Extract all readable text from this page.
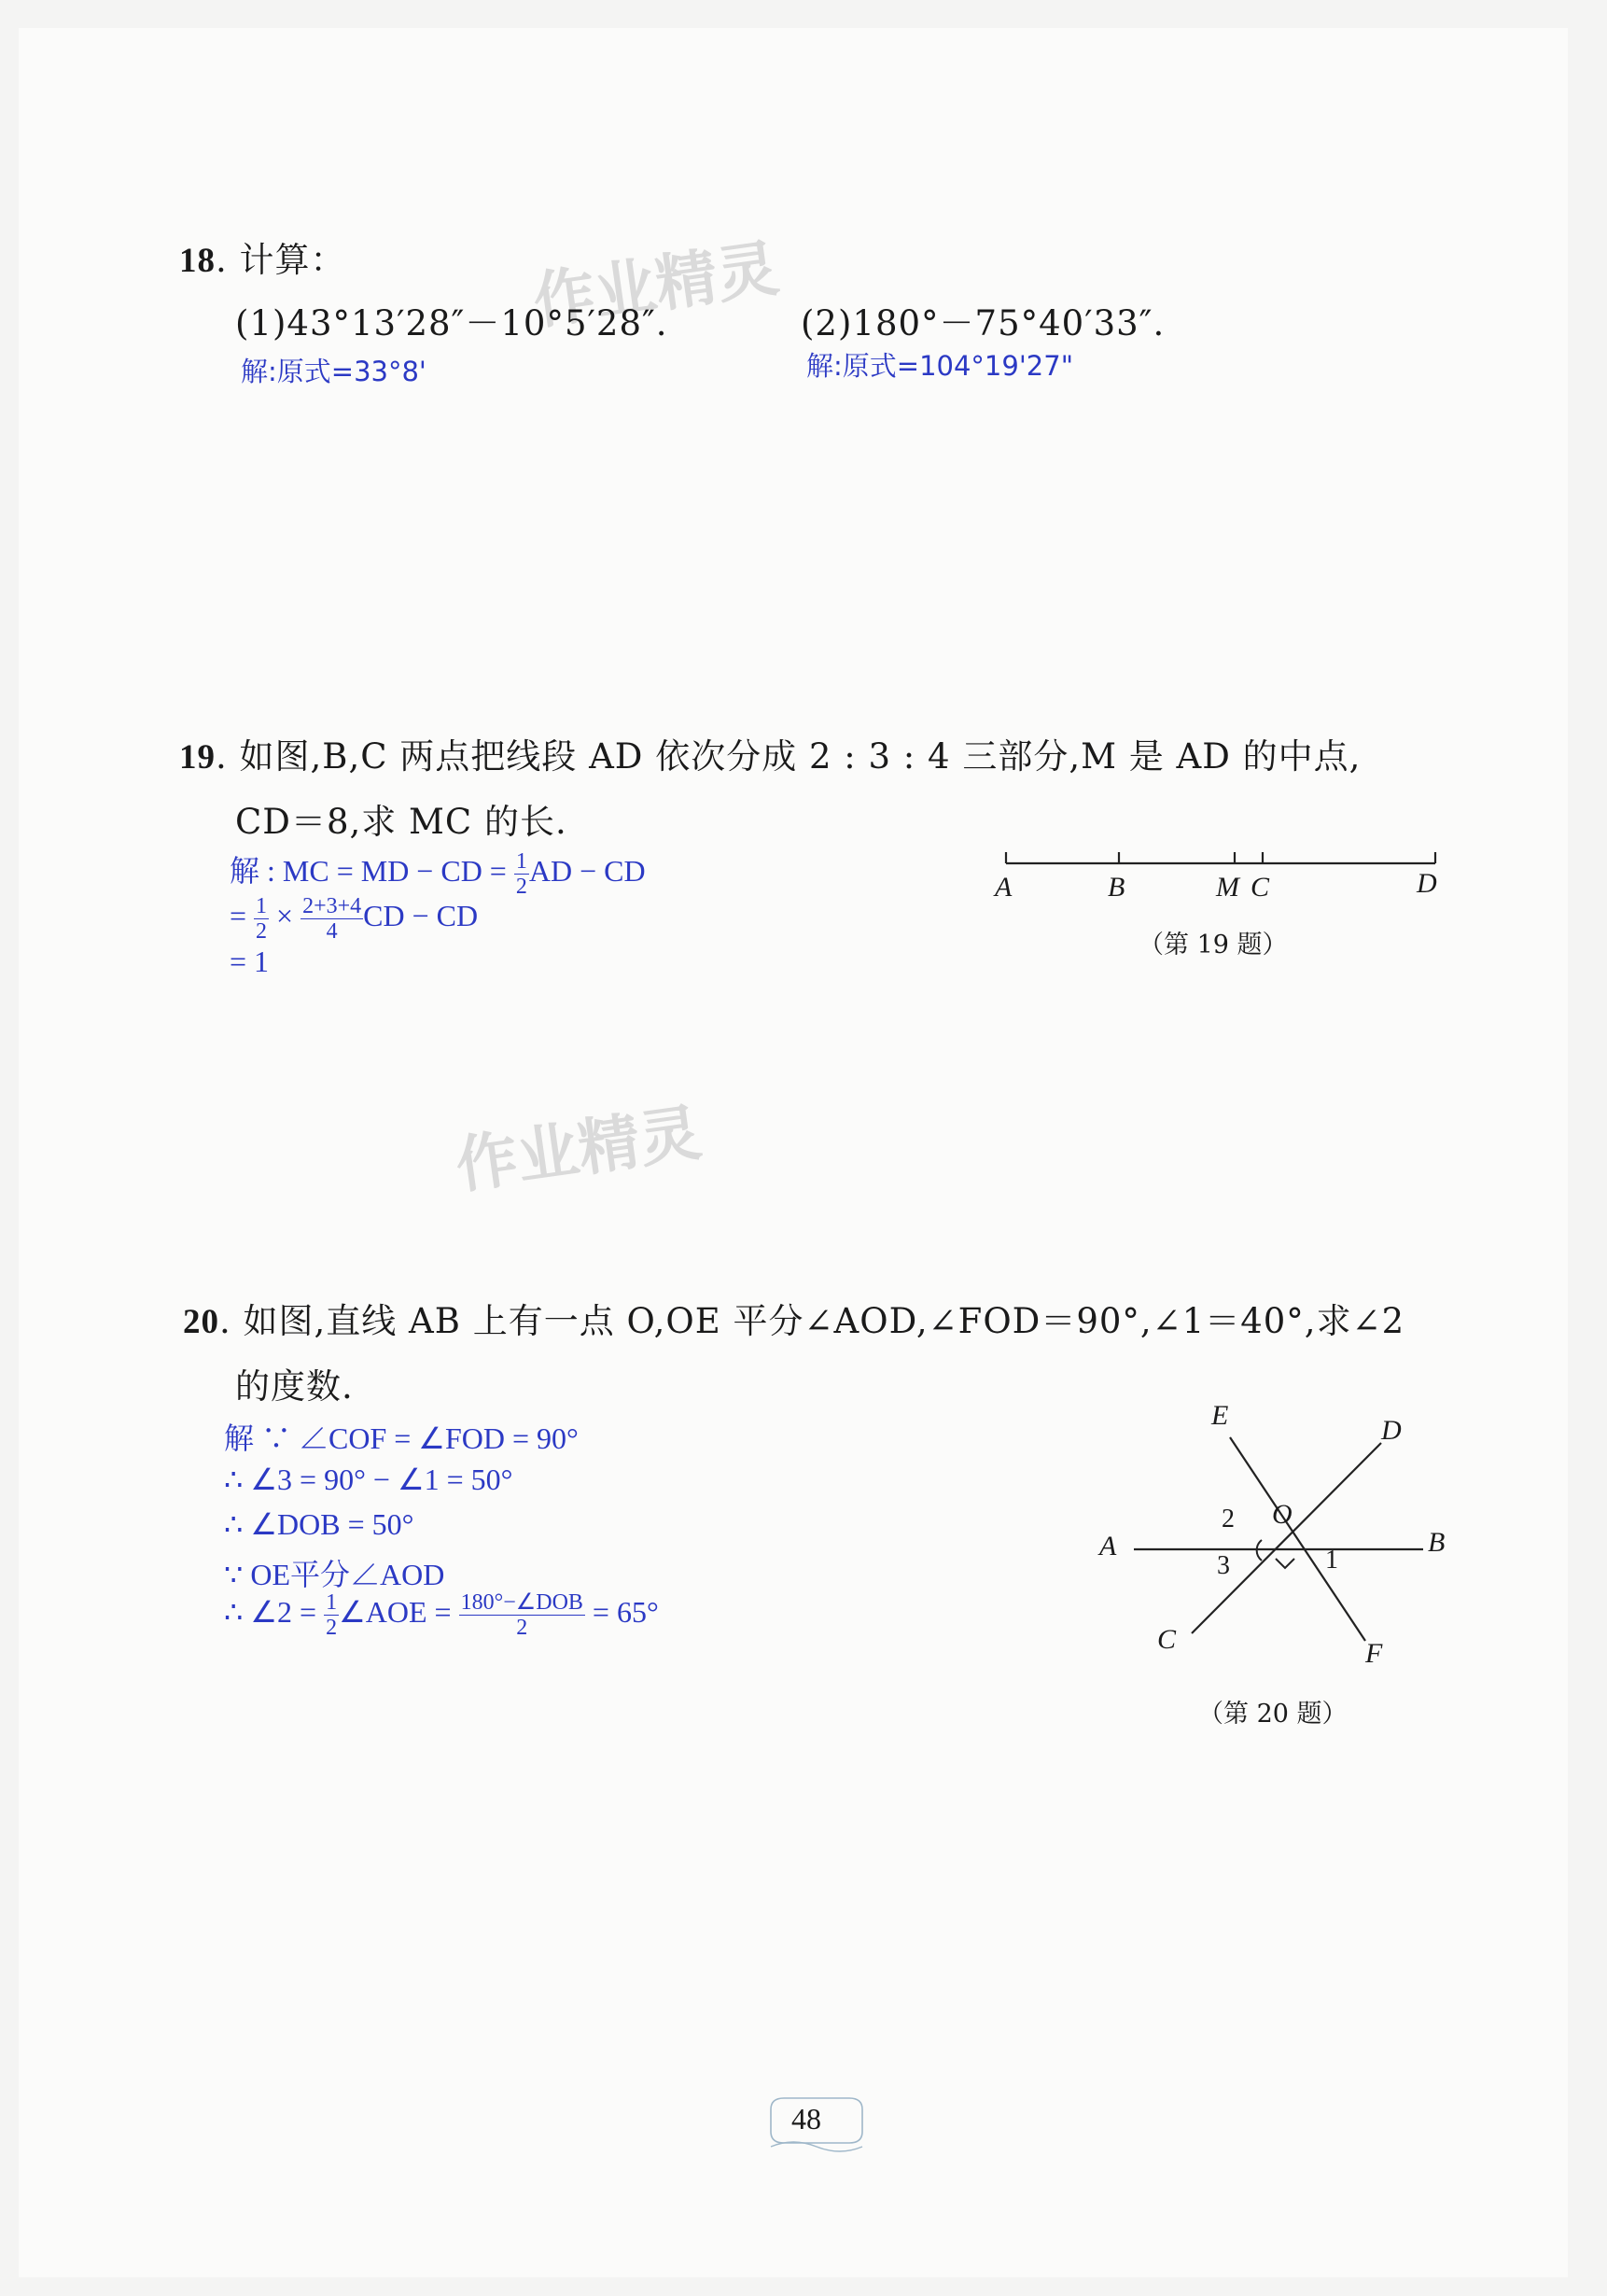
作业精灵
作业精灵
18. 计算：
(1)43°13′28″－10°5′28″.	(2)180°－75°40′33″.
解:原式=33°8'	解:原式=104°19'27"
19. 如图,B,C 两点把线段 AD 依次分成 2 : 3 : 4 三部分,M 是 AD 的中点,
CD＝8,求 MC 的长.
解 : MC = MD − CD = $\frac{1}{2}$ AD − CD
= $\frac{1}{2} \times \frac{2+3+4}{4}$ CD − CD
= 1
A	B	M C	D
（第 19 题）
20. 如图,直线 AB 上有一点 O,OE 平分∠AOD,∠FOD＝90°,∠1＝40°,求∠2
的度数.
解 ∵ ∠COF = ∠FOD = 90°
∴ ∠3 = 90° − ∠1 = 50°
∴ ∠DOB = 50°
∵ OE平分∠AOD
∴ ∠2 = $\frac{1}{2}$ ∠AOE = $\frac{\text{180°−∠DOB}}{2} = 65^\circ$
E	D
O
A	B
C	F
2
3	1
（第 20 题）
48
